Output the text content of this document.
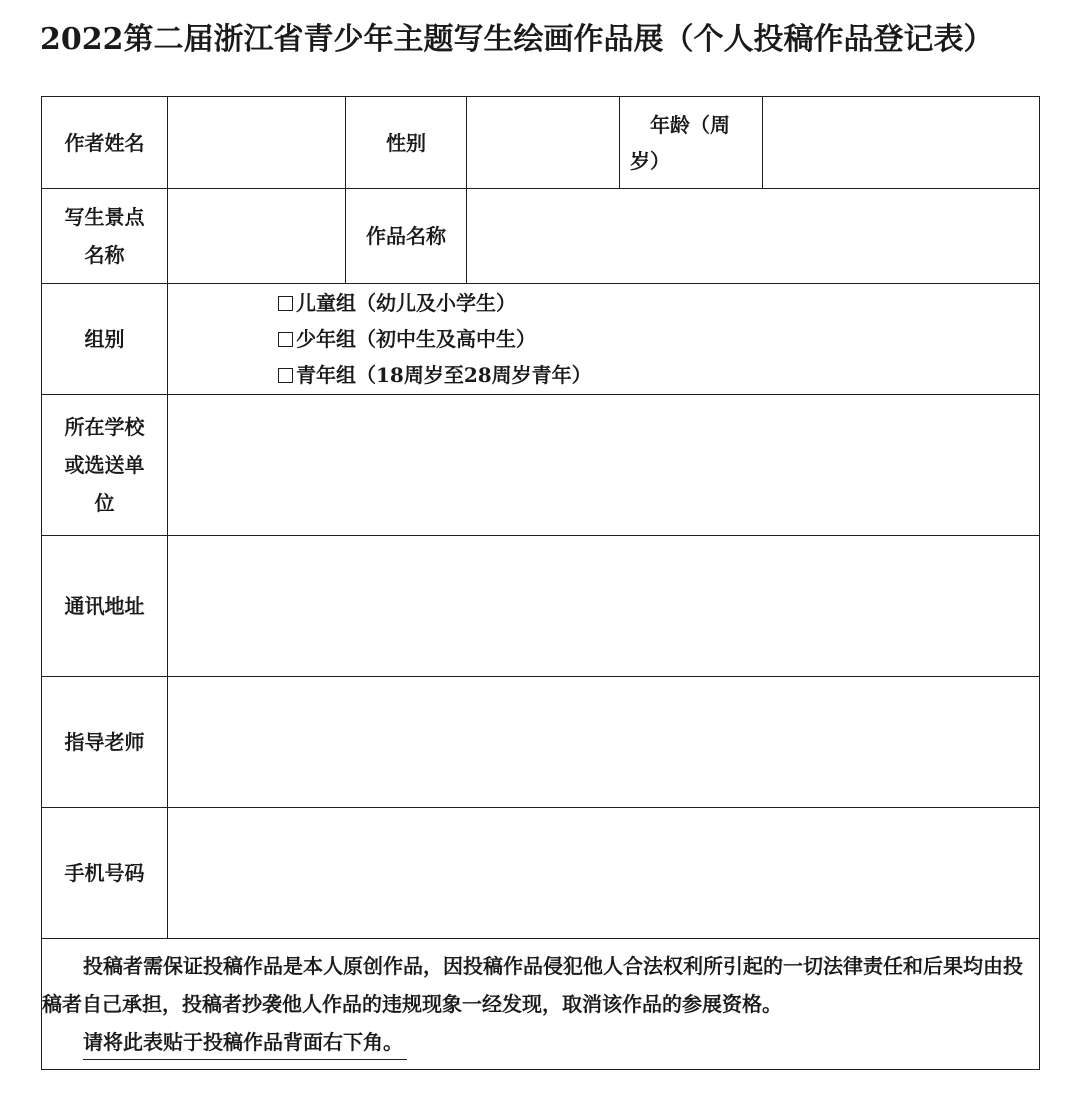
2022第二届浙江省青少年主题写生绘画作品展（个人投稿作品登记表）
作者姓名		性别		年龄（周
岁）	

写生景点
名称		作品名称			
组别	儿童组（幼儿及小学生）
少年组（初中生及高中生）
青年组（18周岁至28周岁青年）				

所在学校
或选送单
位					

通讯地址					
指导老师					
手机号码					

投稿者需保证投稿作品是本人原创作品，因投稿作品侵犯他人合法权利所引起的一切法律责任和后果均由投稿者自己承担，投稿者抄袭他人作品的违规现象一经发现，取消该作品的参展资格。
请将此表贴于投稿作品背面右下角。					
